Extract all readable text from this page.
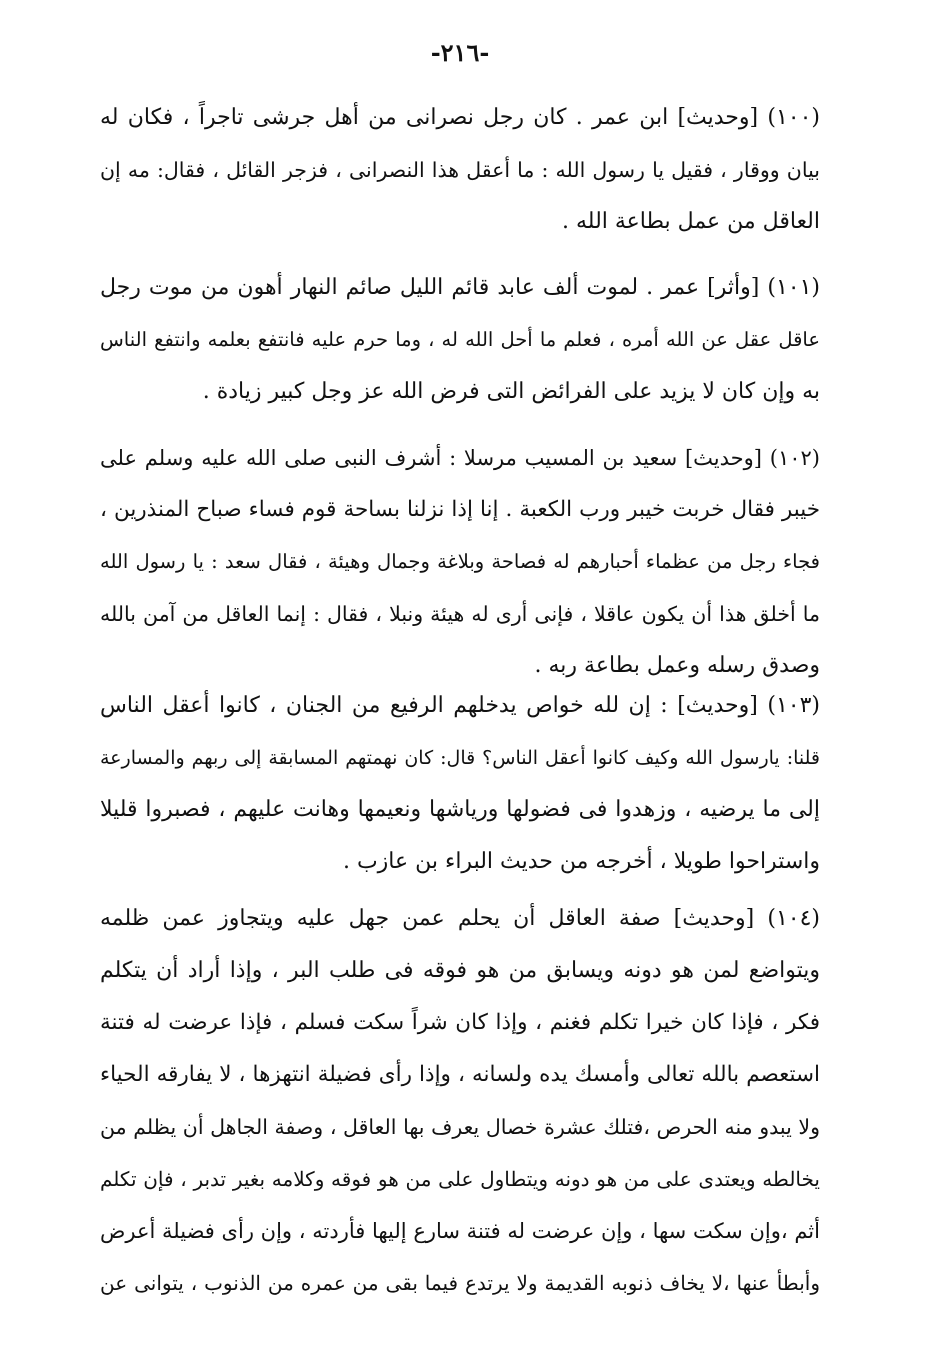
-٢١٦-
(١٠٠) [وحديث] ابن عمر . كان رجل نصرانى من أهل جرشى تاجراً ، فكان له
بيان ووقار ، فقيل يا رسول الله : ما أعقل هذا النصرانى ، فزجر القائل ، فقال: مه إن
العاقل من عمل بطاعة الله .
(١٠١) [وأثر] عمر . لموت ألف عابد قائم الليل صائم النهار أهون من موت رجل
عاقل عقل عن الله أمره ، فعلم ما أحل الله له ، وما حرم عليه فانتفع بعلمه وانتفع الناس
به وإن كان لا يزيد على الفرائض التى فرض الله عز وجل كبير زيادة .
(١٠٢) [وحديث] سعيد بن المسيب مرسلا : أشرف النبى صلى الله عليه وسلم على
خيبر فقال خربت خيبر ورب الكعبة . إنا إذا نزلنا بساحة قوم فساء صباح المنذرين ،
فجاء رجل من عظماء أحبارهم له فصاحة وبلاغة وجمال وهيئة ، فقال سعد : يا رسول الله
ما أخلق هذا أن يكون عاقلا ، فإنى أرى له هيئة ونبلا ، فقال : إنما العاقل من آمن بالله
وصدق رسله وعمل بطاعة ربه .
(١٠٣) [وحديث] : إن لله خواص يدخلهم الرفيع من الجنان ، كانوا أعقل الناس
قلنا: يارسول الله وكيف كانوا أعقل الناس؟ قال: كان نهمتهم المسابقة إلى ربهم والمسارعة
إلى ما يرضيه ، وزهدوا فى فضولها ورياشها ونعيمها وهانت عليهم ، فصبروا قليلا
واستراحوا طويلا ، أخرجه من حديث البراء بن عازب .
(١٠٤) [وحديث] صفة العاقل أن يحلم عمن جهل عليه ويتجاوز عمن ظلمه
ويتواضع لمن هو دونه ويسابق من هو فوقه فى طلب البر ، وإذا أراد أن يتكلم
فكر ، فإذا كان خيرا تكلم فغنم ، وإذا كان شراً سكت فسلم ، فإذا عرضت له فتنة
استعصم بالله تعالى وأمسك يده ولسانه ، وإذا رأى فضيلة انتهزها ، لا يفارقه الحياء
ولا يبدو منه الحرص ،فتلك عشرة خصال يعرف بها العاقل ، وصفة الجاهل أن يظلم من
يخالطه ويعتدى على من هو دونه ويتطاول على من هو فوقه وكلامه بغير تدبر ، فإن تكلم
أثم ،وإن سكت سها ، وإن عرضت له فتنة سارع إليها فأردته ، وإن رأى فضيلة أعرض
وأبطأ عنها ،لا يخاف ذنوبه القديمة ولا يرتدع فيما بقى من عمره من الذنوب ، يتوانى عن
